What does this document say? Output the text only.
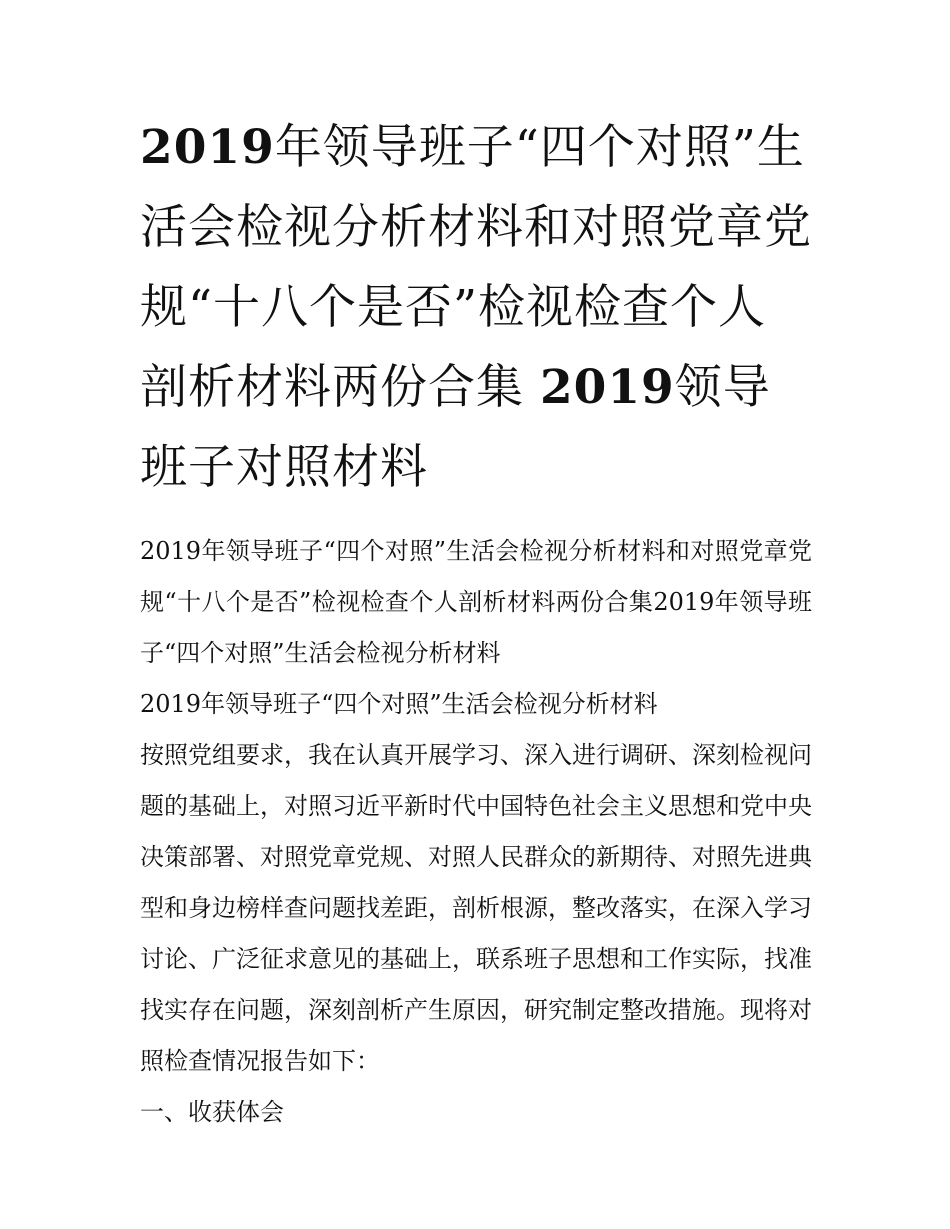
2019年领导班子“四个对照”生活会检视分析材料和对照党章党规“十八个是否”检视检查个人剖析材料两份合集 2019领导班子对照材料

2019年领导班子“四个对照”生活会检视分析材料和对照党章党规“十八个是否”检视检查个人剖析材料两份合集2019年领导班子“四个对照”生活会检视分析材料

2019年领导班子“四个对照”生活会检视分析材料

按照党组要求，我在认真开展学习、深入进行调研、深刻检视问题的基础上，对照习近平新时代中国特色社会主义思想和党中央决策部署、对照党章党规、对照人民群众的新期待、对照先进典型和身边榜样查问题找差距，剖析根源，整改落实，在深入学习讨论、广泛征求意见的基础上，联系班子思想和工作实际，找准找实存在问题，深刻剖析产生原因，研究制定整改措施。现将对照检查情况报告如下：

一、收获体会
